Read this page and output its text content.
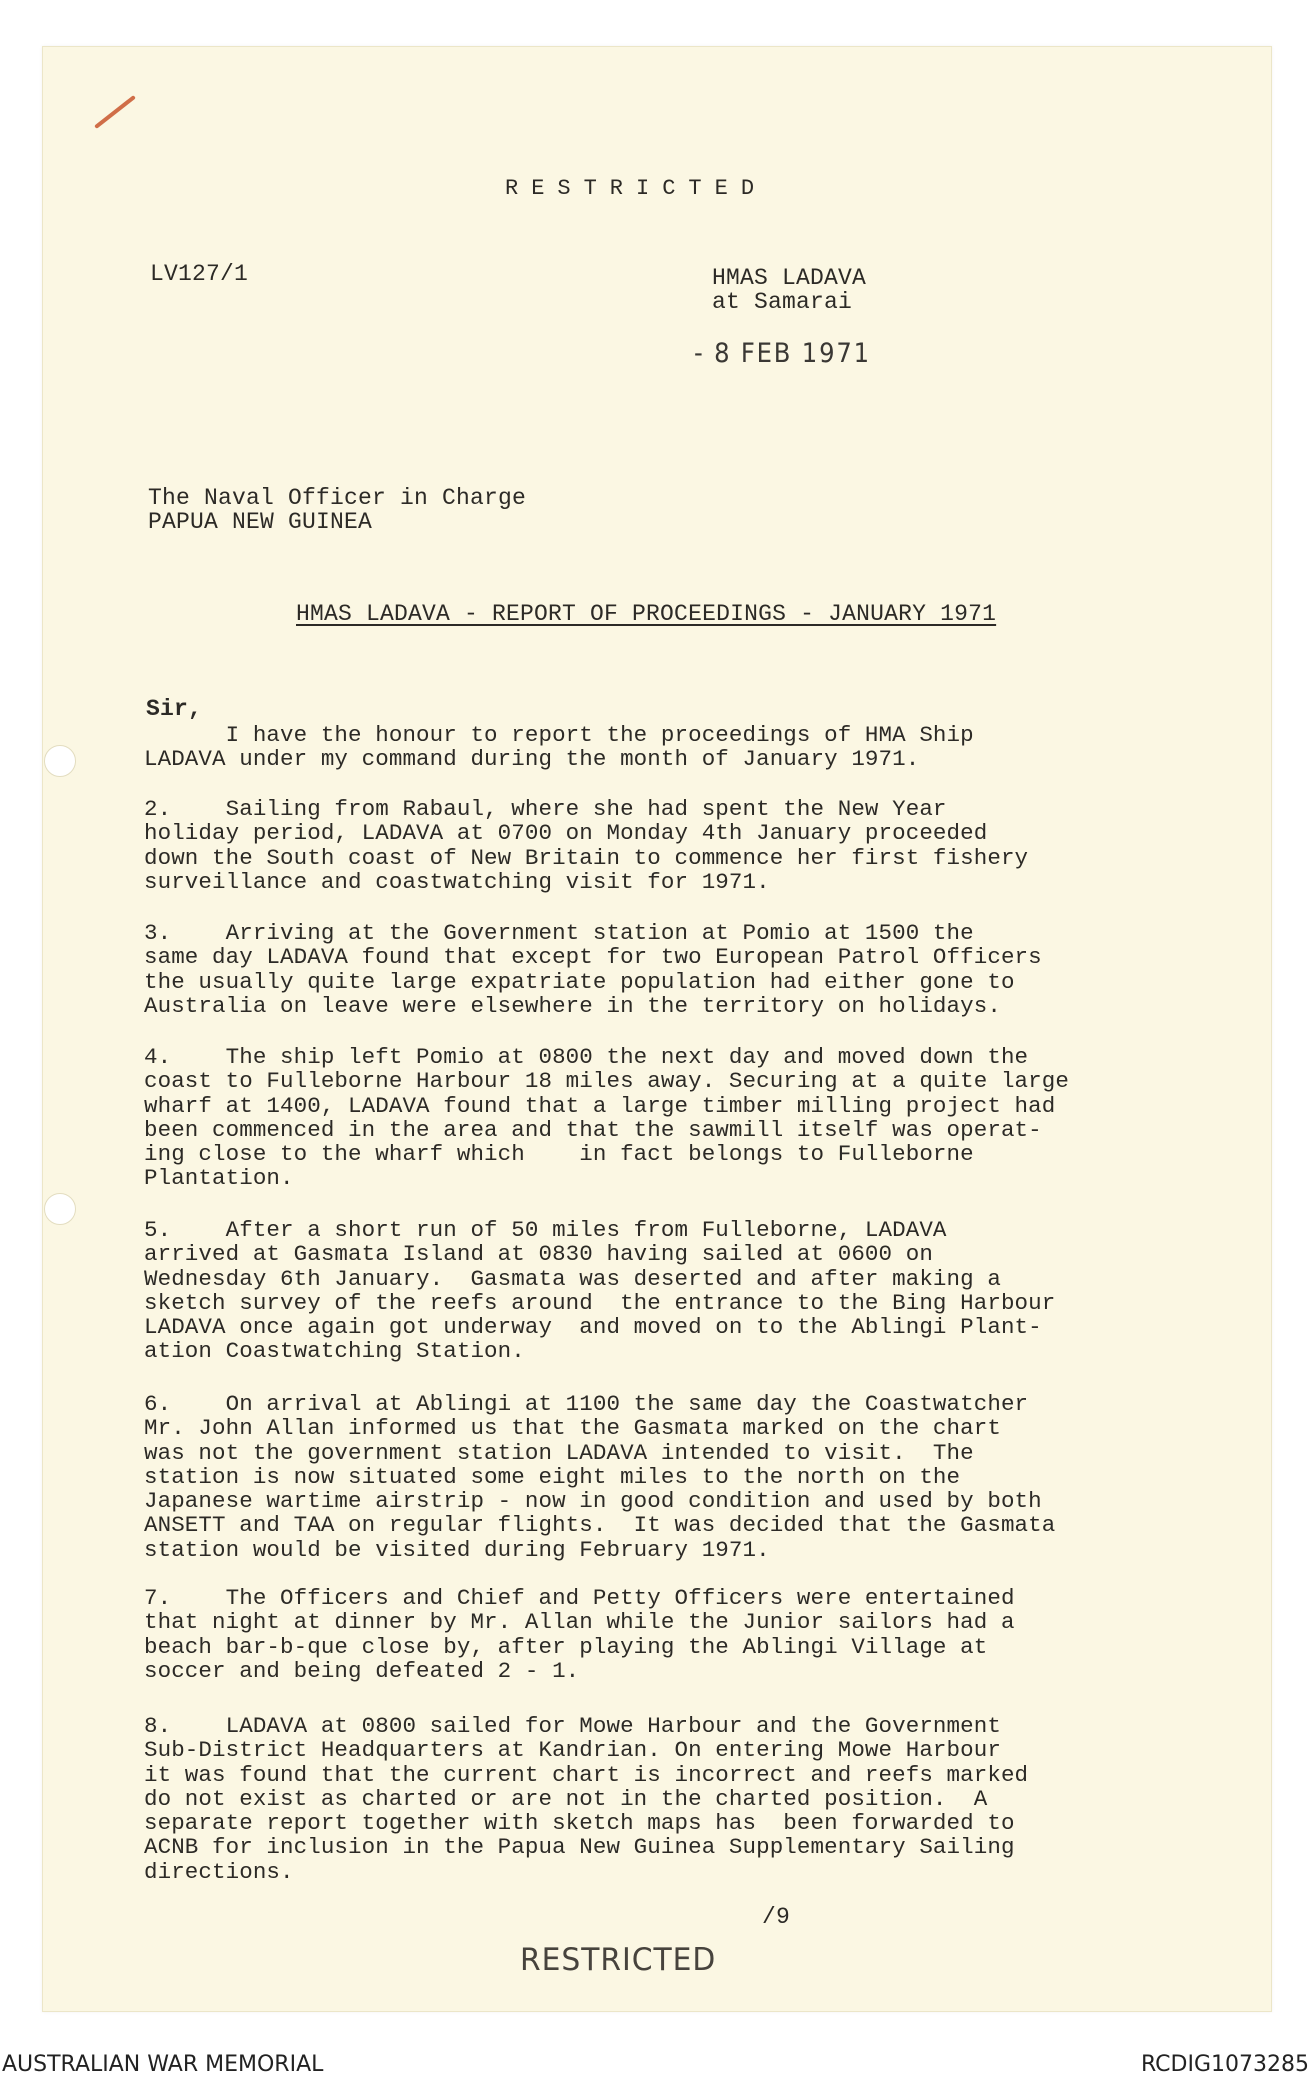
RESTRICTED
LV127/1	HMAS LADAVA
at Samarai
- 8 FEB 1971
The Naval Officer in Charge
PAPUA NEW GUINEA
HMAS LADAVA - REPORT OF PROCEEDINGS - JANUARY 1971
Sir,
I have the honour to report the proceedings of HMA Ship
LADAVA under my command during the month of January 1971.
2.    Sailing from Rabaul, where she had spent the New Year
holiday period, LADAVA at 0700 on Monday 4th January proceeded
down the South coast of New Britain to commence her first fishery
surveillance and coastwatching visit for 1971.
3.    Arriving at the Government station at Pomio at 1500 the
same day LADAVA found that except for two European Patrol Officers
the usually quite large expatriate population had either gone to
Australia on leave were elsewhere in the territory on holidays.
4.    The ship left Pomio at 0800 the next day and moved down the
coast to Fulleborne Harbour 18 miles away. Securing at a quite large
wharf at 1400, LADAVA found that a large timber milling project had
been commenced in the area and that the sawmill itself was operat-
ing close to the wharf which    in fact belongs to Fulleborne
Plantation.
5.    After a short run of 50 miles from Fulleborne, LADAVA
arrived at Gasmata Island at 0830 having sailed at 0600 on
Wednesday 6th January.  Gasmata was deserted and after making a
sketch survey of the reefs around  the entrance to the Bing Harbour
LADAVA once again got underway  and moved on to the Ablingi Plant-
ation Coastwatching Station.
6.    On arrival at Ablingi at 1100 the same day the Coastwatcher
Mr. John Allan informed us that the Gasmata marked on the chart
was not the government station LADAVA intended to visit.  The
station is now situated some eight miles to the north on the
Japanese wartime airstrip - now in good condition and used by both
ANSETT and TAA on regular flights.  It was decided that the Gasmata
station would be visited during February 1971.
7.    The Officers and Chief and Petty Officers were entertained
that night at dinner by Mr. Allan while the Junior sailors had a
beach bar-b-que close by, after playing the Ablingi Village at
soccer and being defeated 2 - 1.
8.    LADAVA at 0800 sailed for Mowe Harbour and the Government
Sub-District Headquarters at Kandrian. On entering Mowe Harbour
it was found that the current chart is incorrect and reefs marked
do not exist as charted or are not in the charted position.  A
separate report together with sketch maps has  been forwarded to
ACNB for inclusion in the Papua New Guinea Supplementary Sailing
directions.
/9
RESTRICTED
AUSTRALIAN WAR MEMORIAL	RCDIG1073285
